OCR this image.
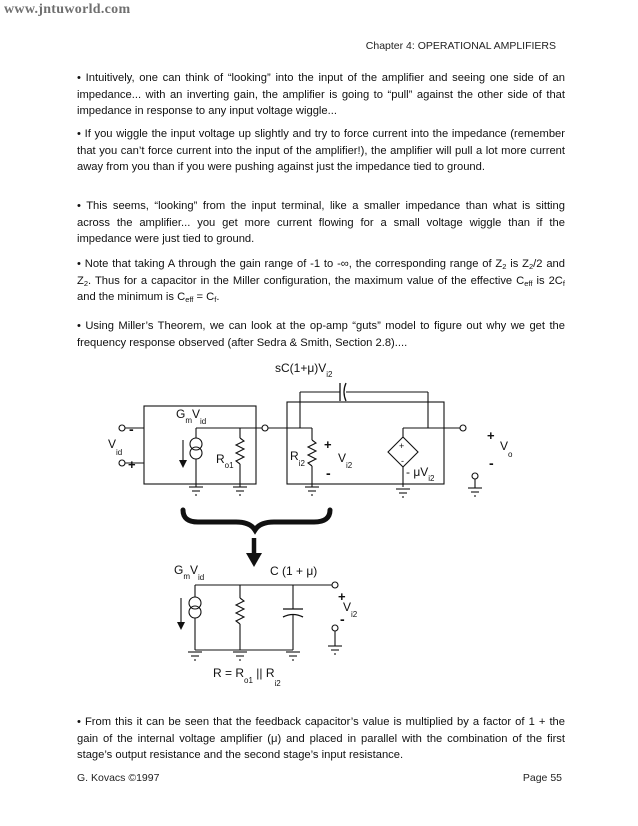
www.jntuworld.com
Chapter 4: OPERATIONAL AMPLIFIERS
• Intuitively, one can think of “looking” into the input of the amplifier and seeing one side of an impedance... with an inverting gain, the amplifier is going to “pull” against the other side of that impedance in response to any input voltage wiggle...
• If you wiggle the input voltage up slightly and try to force current into the impedance (remember that you can’t force current into the input of the amplifier!), the amplifier will pull a lot more current away from you than if you were pushing against just the impedance tied to ground.
• This seems, “looking” from the input terminal, like a smaller impedance than what is sitting across the amplifier... you get more current flowing for a small voltage wiggle than if the impedance were just tied to ground.
• Note that taking A through the gain range of -1 to -∞, the corresponding range of $Z_2$ is $Z_2/2$ and $Z_2$. Thus for a capacitor in the Miller configuration, the maximum value of the effective $C_{eff}$ is $2C_f$ and the minimum is $C_{eff} = C_f$.
• Using Miller’s Theorem, we can look at the op-amp “guts” model to figure out why we get the frequency response observed (after Sedra & Smith, Section 2.8)....
-
+
$V_{id}$
$G_mV_{id}$
$R_{o1}$
$sC(1+\mu)V_{i2}$
$R_{i2}$
+
-
$V_{i2}$
+
-
- $\mu V_{i2}$
+
-
$V_o$
$G_mV_{id}$	C (1 + μ)
+
-
$V_{i2}$
$R = R_{o1}$ || $R_{i2}$
• From this it can be seen that the feedback capacitor’s value is multiplied by a factor of 1 + the gain of the internal voltage amplifier (μ) and placed in parallel with the combination of the first stage’s output resistance and the second stage’s input resistance.
G. Kovacs ©1997	Page 55
